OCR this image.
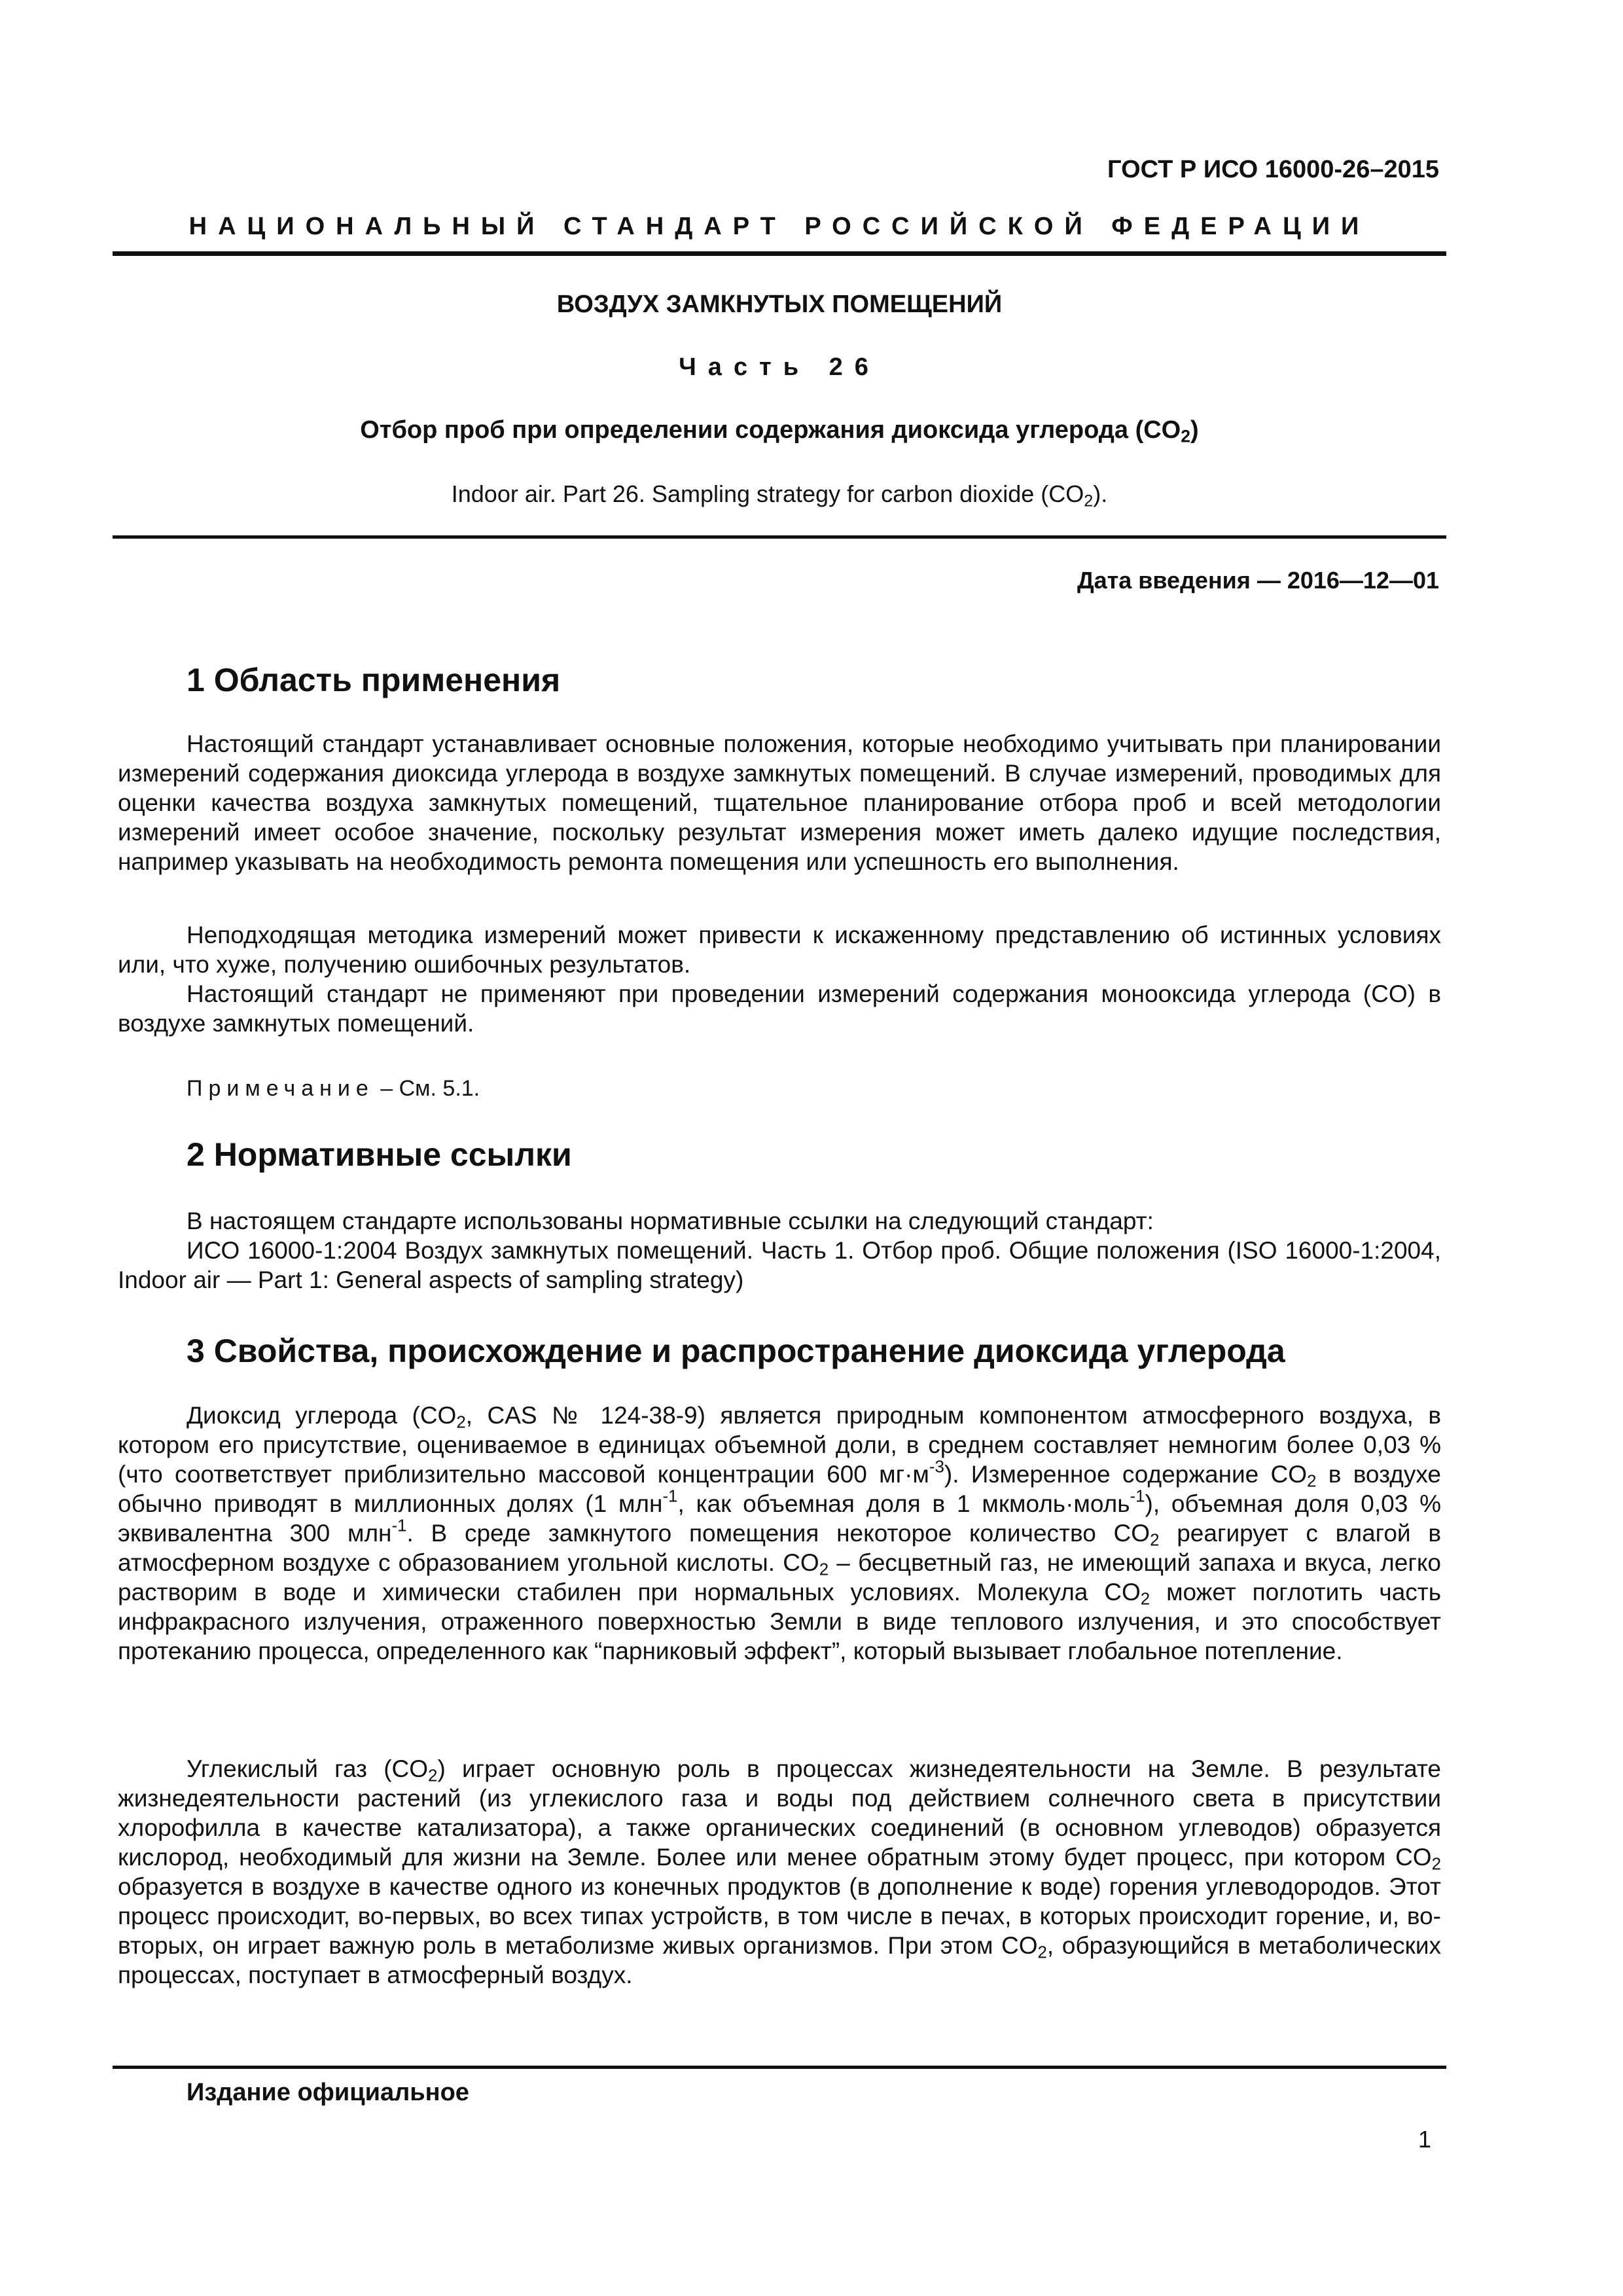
ГОСТ Р ИСО 16000-26–2015
НАЦИОНАЛЬНЫЙ СТАНДАРТ РОССИЙСКОЙ ФЕДЕРАЦИИ
ВОЗДУХ ЗАМКНУТЫХ ПОМЕЩЕНИЙ
Часть 26
Отбор проб при определении содержания диоксида углерода $(CO_2)$
Indoor air. Part 26. Sampling strategy for carbon dioxide $(CO_2)$.
Дата введения — 2016—12—01
1 Область применения

Настоящий стандарт устанавливает основные положения, которые необходимо учитывать при планировании измерений содержания диоксида углерода в воздухе замкнутых помещений. В случае измерений, проводимых для оценки качества воздуха замкнутых помещений, тщательное планирование отбора проб и всей методологии измерений имеет особое значение, поскольку результат измерения может иметь далеко идущие последствия, например указывать на необходимость ремонта помещения или успешность его выполнения.

Неподходящая методика измерений может привести к искаженному представлению об истинных условиях или, что хуже, получению ошибочных результатов.

Настоящий стандарт не применяют при проведении измерений содержания монооксида углерода (CO) в воздухе замкнутых помещений.

Примечание – См. 5.1.
2 Нормативные ссылки

В настоящем стандарте использованы нормативные ссылки на следующий стандарт:

ИСО 16000-1:2004 Воздух замкнутых помещений. Часть 1. Отбор проб. Общие положения (ISO 16000-1:2004, Indoor air — Part 1: General aspects of sampling strategy)

3 Свойства, происхождение и распространение диоксида углерода

Диоксид углерода ($CO_2$, CAS № 124-38-9) является природным компонентом атмосферного воздуха, в котором его присутствие, оцениваемое в единицах объемной доли, в среднем составляет немногим более 0,03 % (что соответствует приблизительно массовой концентрации 600 $мг\cdot м^{-3}$). Измеренное содержание $CO_2$ в воздухе обычно приводят в миллионных долях (1 млн$^{-1}$, как объемная доля в 1 мкмоль·моль$^{-1}$), объемная доля 0,03 % эквивалентна 300 млн$^{-1}$. В среде замкнутого помещения некоторое количество $CO_2$ реагирует с влагой в атмосферном воздухе с образованием угольной кислоты. $CO_2$ – бесцветный газ, не имеющий запаха и вкуса, легко растворим в воде и химически стабилен при нормальных условиях. Молекула $CO_2$ может поглотить часть инфракрасного излучения, отраженного поверхностью Земли в виде теплового излучения, и это способствует протеканию процесса, определенного как “парниковый эффект”, который вызывает глобальное потепление.

Углекислый газ $(CO_2)$ играет основную роль в процессах жизнедеятельности на Земле. В результате жизнедеятельности растений (из углекислого газа и воды под действием солнечного света в присутствии хлорофилла в качестве катализатора), а также органических соединений (в основном углеводов) образуется кислород, необходимый для жизни на Земле. Более или менее обратным этому будет процесс, при котором $CO_2$ образуется в воздухе в качестве одного из конечных продуктов (в дополнение к воде) горения углеводородов. Этот процесс происходит, во-первых, во всех типах устройств, в том числе в печах, в которых происходит горение, и, во-вторых, он играет важную роль в метаболизме живых организмов. При этом $CO_2$, образующийся в метаболических процессах, поступает в атмосферный воздух.

Издание официальное
1
